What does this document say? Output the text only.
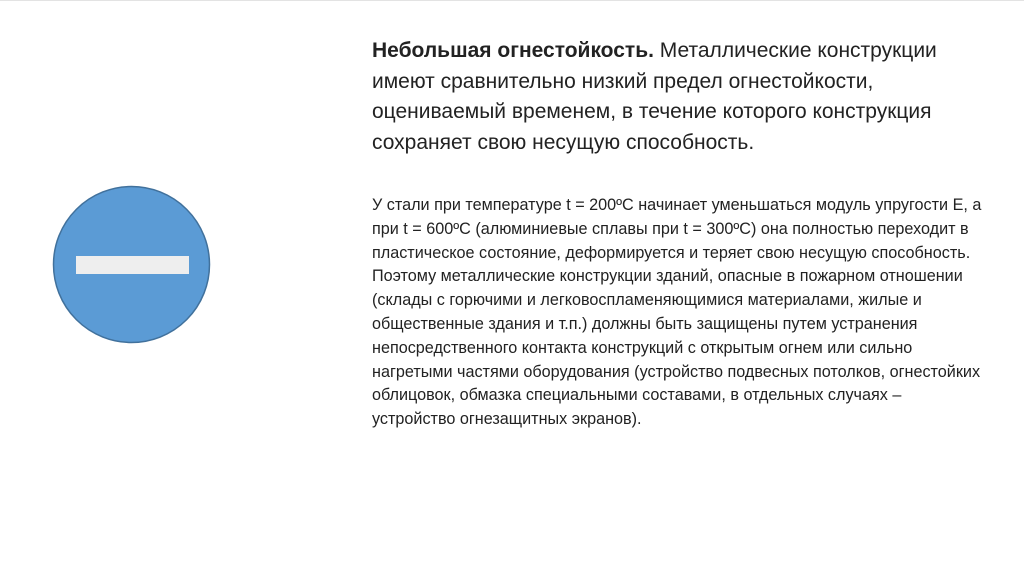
Небольшая огнестойкость. Металлические конструкции имеют сравнительно низкий предел огнестойкости, оцениваемый временем, в течение которого конструкция сохраняет свою несущую способность.

У стали при температуре t = 200ºС начинает уменьшаться модуль упругости Е, а при t = 600ºС (алюминиевые сплавы при t = 300ºС) она полностью переходит в пластическое состояние, деформируется и теряет свою несущую способность. Поэтому металлические конструкции зданий, опасные в пожарном отношении (склады с горючими и легковоспламеняющимися материалами, жилые и общественные здания и т.п.) должны быть защищены путем устранения непосредственного контакта конструкций с открытым огнем или сильно нагретыми частями оборудования (устройство подвесных потолков, огнестойких облицовок, обмазка специальными составами, в отдельных случаях – устройство огнезащитных экранов).
